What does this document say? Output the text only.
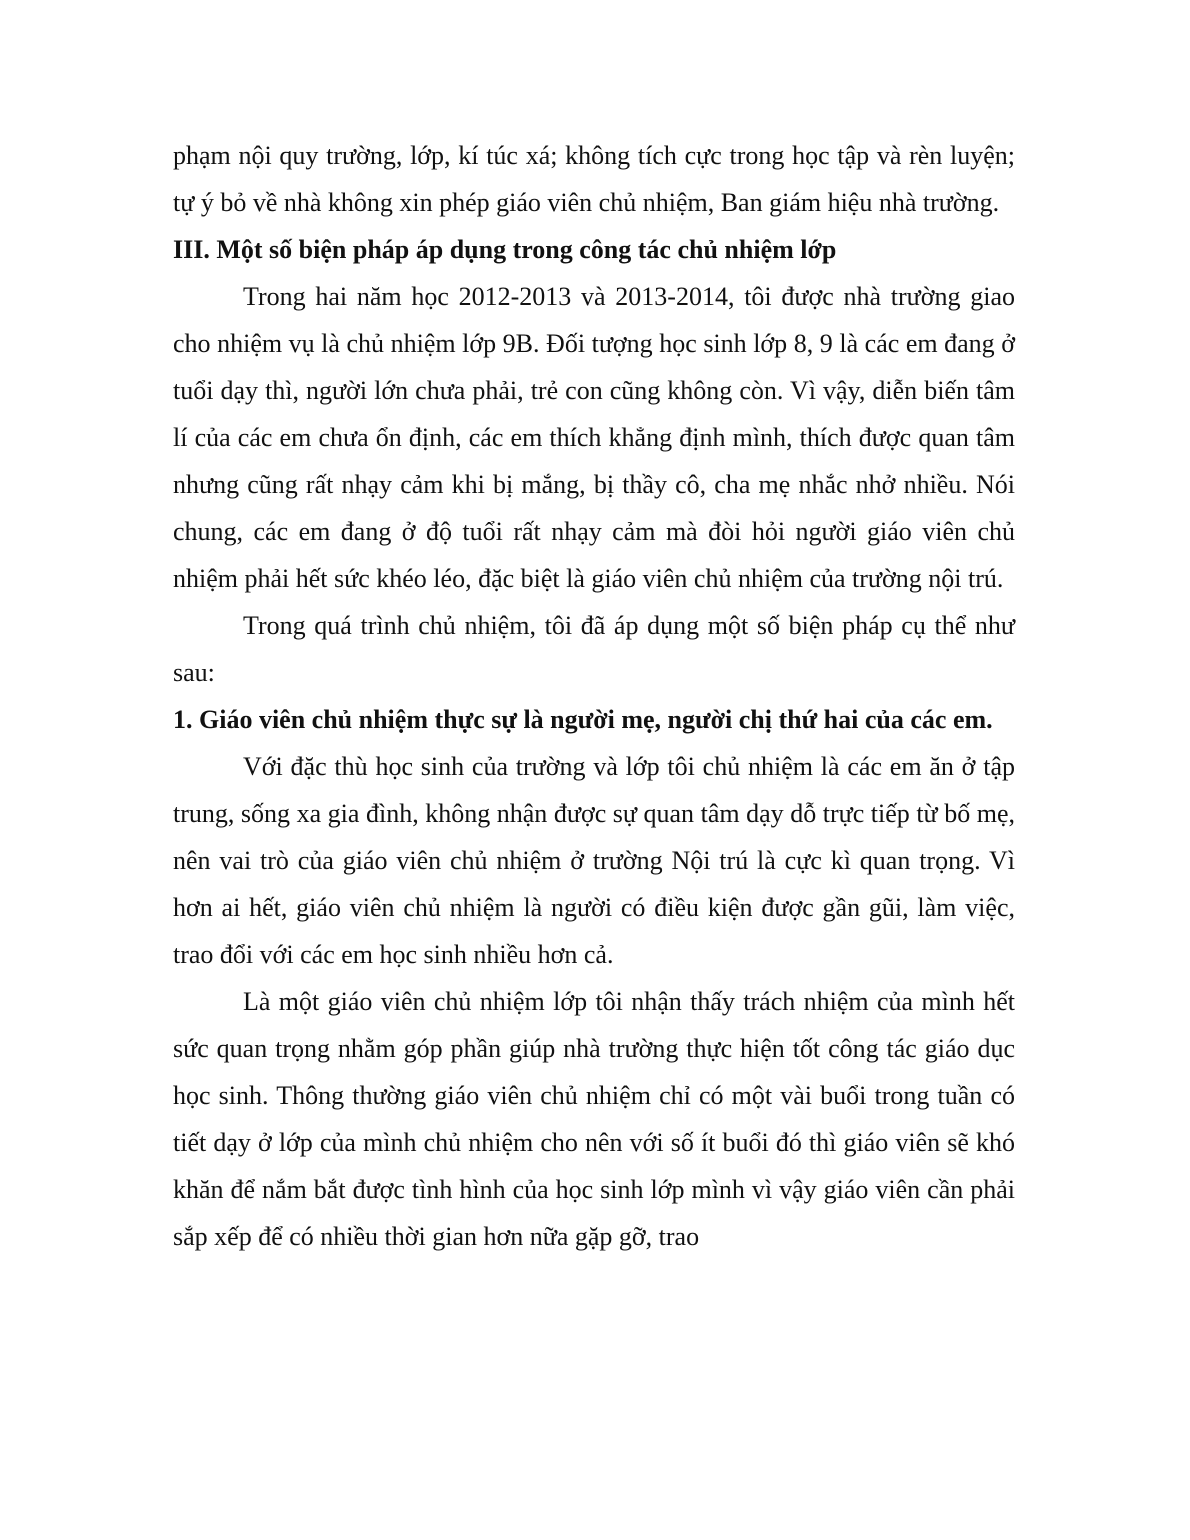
phạm nội quy trường, lớp, kí túc xá; không tích cực trong học tập và rèn luyện; tự ý bỏ về nhà không xin phép giáo viên chủ nhiệm, Ban giám hiệu nhà trường.

III. Một số biện pháp áp dụng trong công tác chủ nhiệm lớp

Trong hai năm học 2012-2013 và 2013-2014, tôi được nhà trường giao cho nhiệm vụ là chủ nhiệm lớp 9B. Đối tượng học sinh lớp 8, 9 là các em đang ở tuổi dạy thì, người lớn chưa phải, trẻ con cũng không còn. Vì vậy, diễn biến tâm lí của các em chưa ổn định, các em thích khẳng định mình, thích được quan tâm nhưng cũng rất nhạy cảm khi bị mắng, bị thầy cô, cha mẹ nhắc nhở nhiều. Nói chung, các em đang ở độ tuổi rất nhạy cảm mà đòi hỏi người giáo viên chủ nhiệm phải hết sức khéo léo, đặc biệt là giáo viên chủ nhiệm của trường nội trú.

Trong quá trình chủ nhiệm, tôi đã áp dụng một số biện pháp cụ thể như sau:

1. Giáo viên chủ nhiệm thực sự là người mẹ, người chị thứ hai của các em.

Với đặc thù học sinh của trường và lớp tôi chủ nhiệm là các em ăn ở tập trung, sống xa gia đình, không nhận được sự quan tâm dạy dỗ trực tiếp từ bố mẹ, nên vai trò của giáo viên chủ nhiệm ở trường Nội trú là cực kì quan trọng. Vì hơn ai hết, giáo viên chủ nhiệm là người có điều kiện được gần gũi, làm việc, trao đổi với các em học sinh nhiều hơn cả.

Là một giáo viên chủ nhiệm lớp tôi nhận thấy trách nhiệm của mình hết sức quan trọng nhằm góp phần giúp nhà trường thực hiện tốt công tác giáo dục học sinh. Thông thường giáo viên chủ nhiệm chỉ có một vài buổi trong tuần có tiết dạy ở lớp của mình chủ nhiệm cho nên với số ít buổi đó thì giáo viên sẽ khó khăn để nắm bắt được tình hình của học sinh lớp mình vì vậy giáo viên cần phải sắp xếp để có nhiều thời gian hơn nữa gặp gỡ, trao
